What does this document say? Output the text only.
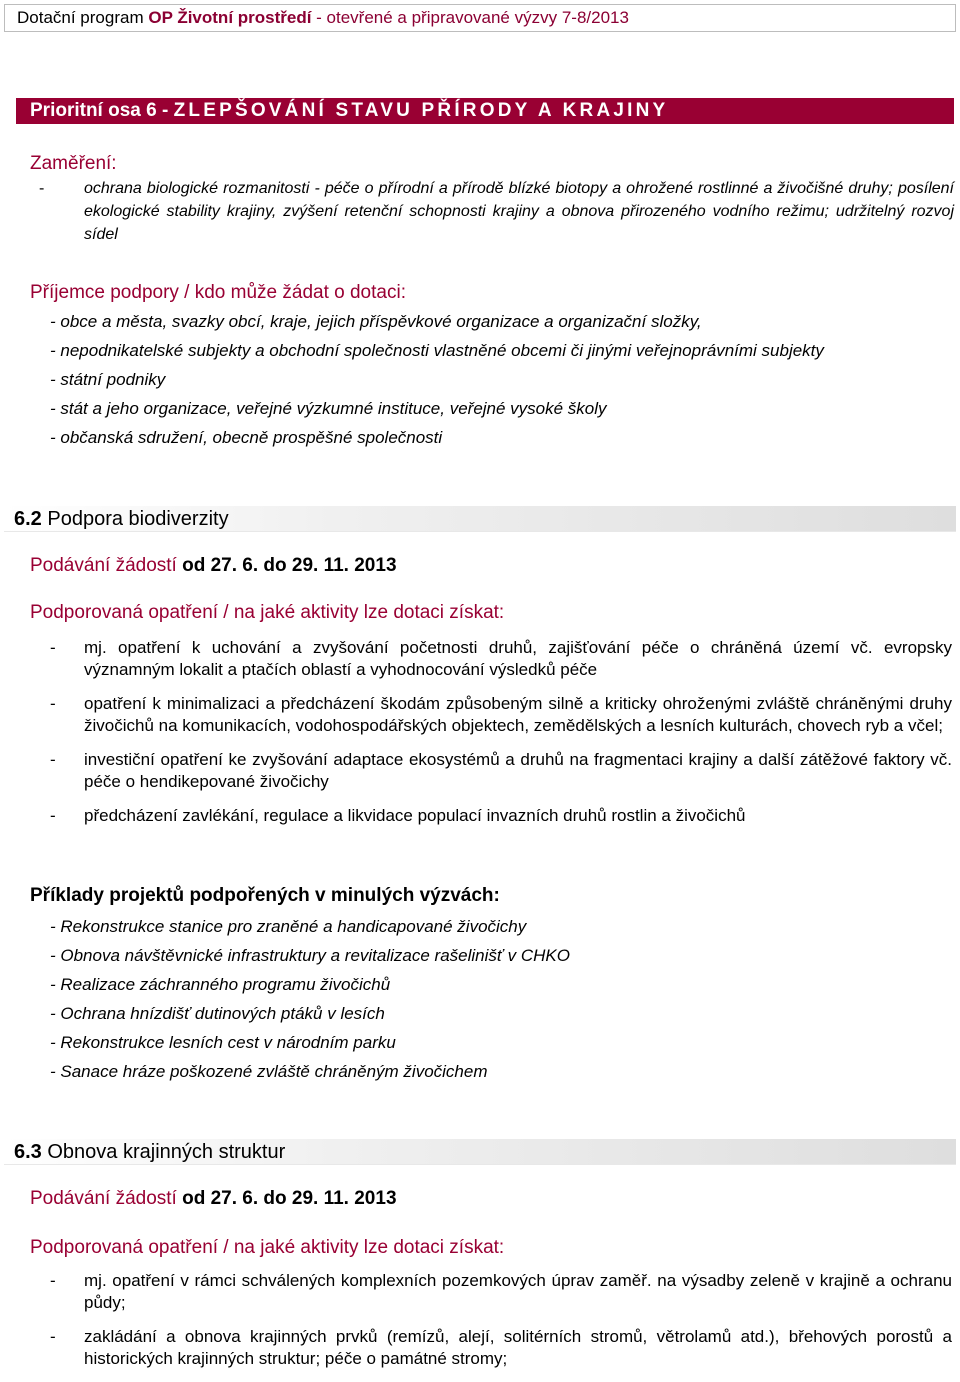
Dotační program OP Životní prostředí - otevřené a připravované výzvy 7-8/2013
Prioritní osa 6 - ZLEPŠOVÁNÍ STAVU PŘÍRODY A KRAJINY
Zaměření:
- ochrana biologické rozmanitosti - péče o přírodní a přírodě blízké biotopy a ohrožené rostlinné a živočišné druhy; posílení ekologické stability krajiny, zvýšení retenční schopnosti krajiny a obnova přirozeného vodního režimu; udržitelný rozvoj sídel
Příjemce podpory / kdo může žádat o dotaci:
- obce a města, svazky obcí, kraje, jejich příspěvkové organizace a organizační složky,
- nepodnikatelské subjekty a obchodní společnosti vlastněné obcemi či jinými veřejnoprávními subjekty
- státní podniky
- stát a jeho organizace, veřejné výzkumné instituce, veřejné vysoké školy
- občanská sdružení, obecně prospěšné společnosti
6.2 Podpora biodiverzity
Podávání žádostí od 27. 6. do 29. 11. 2013
Podporovaná opatření / na jaké aktivity lze dotaci získat:
- mj. opatření k uchování a zvyšování početnosti druhů, zajišťování péče o chráněná území vč. evropsky významným lokalit a ptačích oblastí a vyhodnocování výsledků péče
- opatření k minimalizaci a předcházení škodám způsobeným silně a kriticky ohroženými zvláště chráněnými druhy živočichů na komunikacích, vodohospodářských objektech, zemědělských a lesních kulturách, chovech ryb a včel;
- investiční opatření ke zvyšování adaptace ekosystémů a druhů na fragmentaci krajiny a další zátěžové faktory vč. péče o hendikepované živočichy
- předcházení zavlékání, regulace a likvidace populací invazních druhů rostlin a živočichů
Příklady projektů podpořených v minulých výzvách:
- Rekonstrukce stanice pro zraněné a handicapované živočichy
- Obnova návštěvnické infrastruktury a revitalizace rašelinišť v CHKO
- Realizace záchranného programu živočichů
- Ochrana hnízdišť dutinových ptáků v lesích
- Rekonstrukce lesních cest v národním parku
- Sanace hráze poškozené zvláště chráněným živočichem
6.3 Obnova krajinných struktur
Podávání žádostí od 27. 6. do 29. 11. 2013
Podporovaná opatření / na jaké aktivity lze dotaci získat:
- mj. opatření v rámci schválených komplexních pozemkových úprav zaměř. na výsadby zeleně v krajině a ochranu půdy;
- zakládání a obnova krajinných prvků (remízů, alejí, solitérních stromů, větrolamů atd.), břehových porostů a historických krajinných struktur; péče o památné stromy;
